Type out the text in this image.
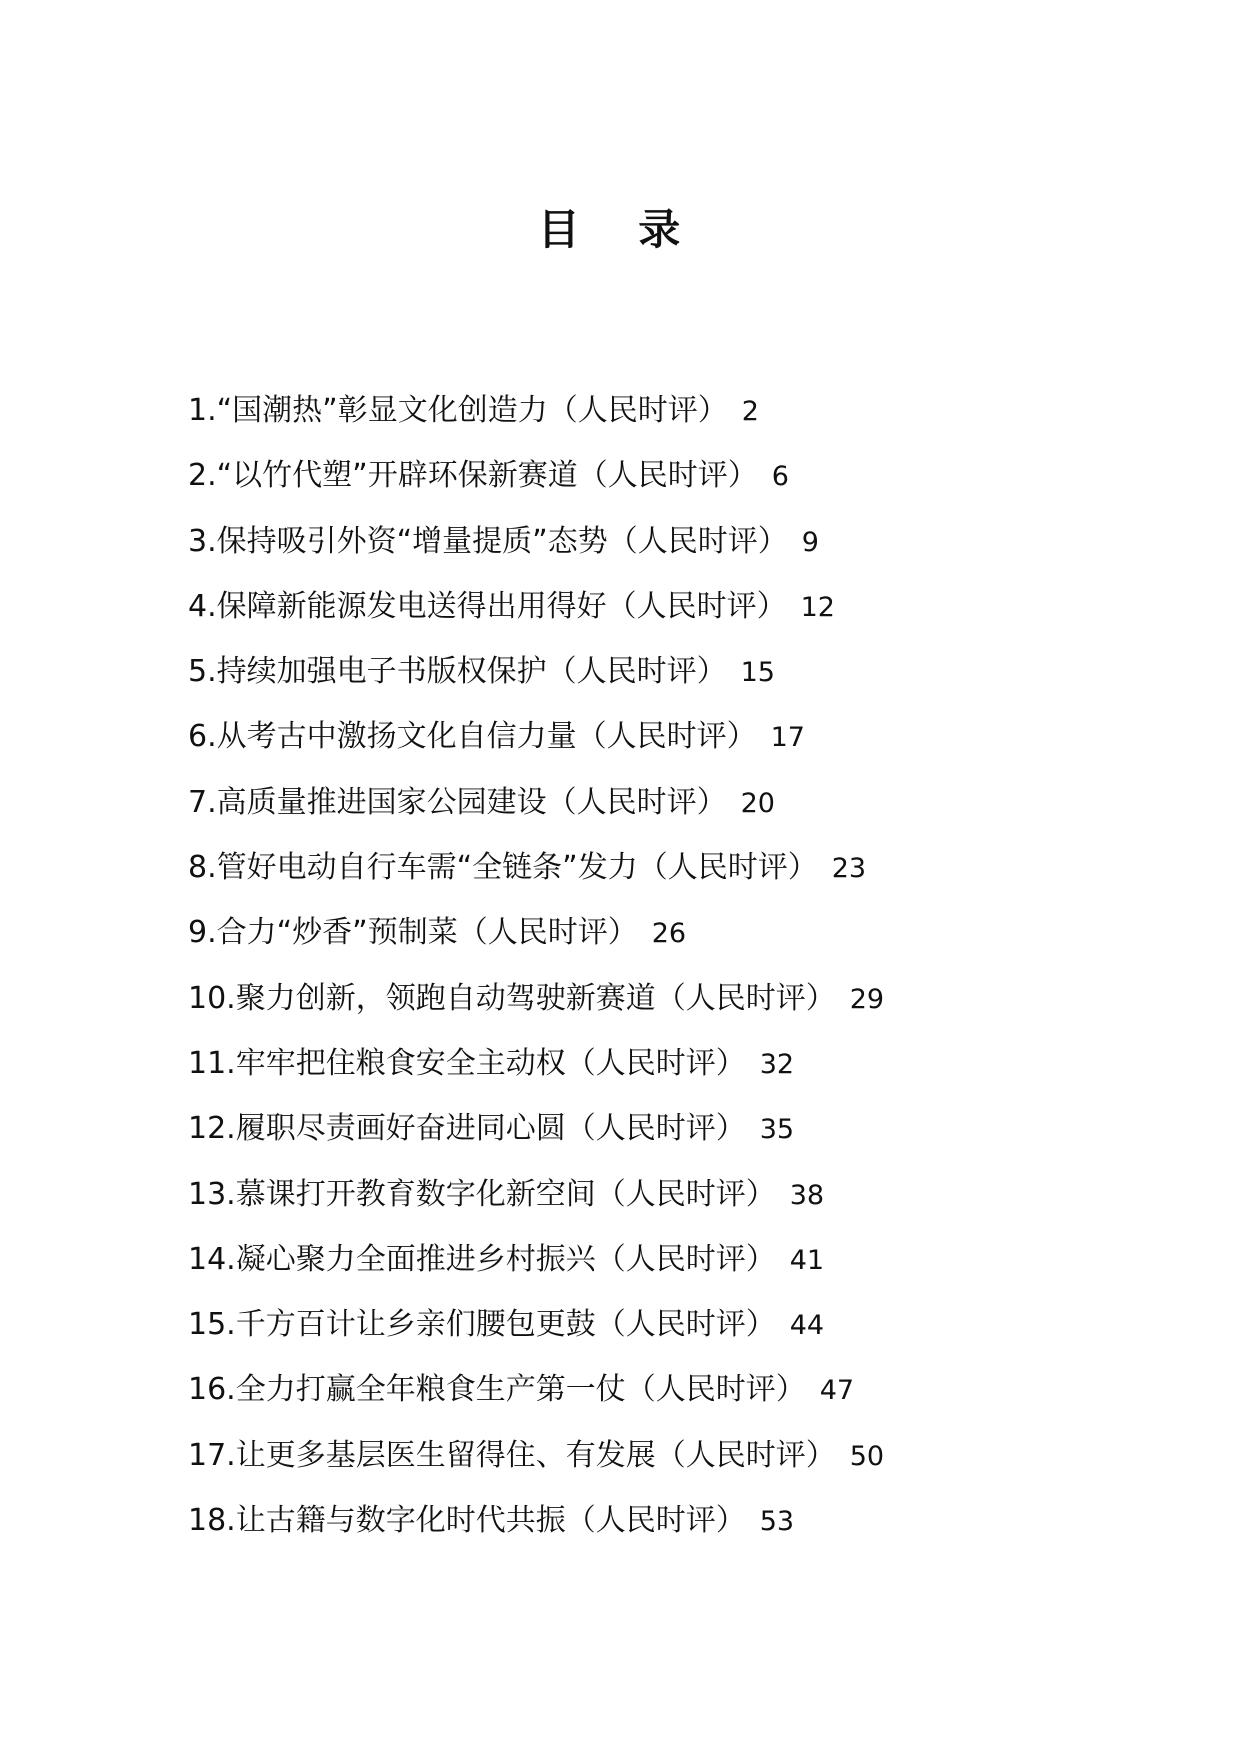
目 录
1.“国潮热”彰显文化创造力（人民时评） 2
2.“以竹代塑”开辟环保新赛道（人民时评） 6
3.保持吸引外资“增量提质”态势（人民时评） 9
4.保障新能源发电送得出用得好（人民时评） 12
5.持续加强电子书版权保护（人民时评） 15
6.从考古中激扬文化自信力量（人民时评） 17
7.高质量推进国家公园建设（人民时评） 20
8.管好电动自行车需“全链条”发力（人民时评） 23
9.合力“炒香”预制菜（人民时评） 26
10.聚力创新，领跑自动驾驶新赛道（人民时评） 29
11.牢牢把住粮食安全主动权（人民时评） 32
12.履职尽责画好奋进同心圆（人民时评） 35
13.慕课打开教育数字化新空间（人民时评） 38
14.凝心聚力全面推进乡村振兴（人民时评） 41
15.千方百计让乡亲们腰包更鼓（人民时评） 44
16.全力打赢全年粮食生产第一仗（人民时评） 47
17.让更多基层医生留得住、有发展（人民时评） 50
18.让古籍与数字化时代共振（人民时评） 53
